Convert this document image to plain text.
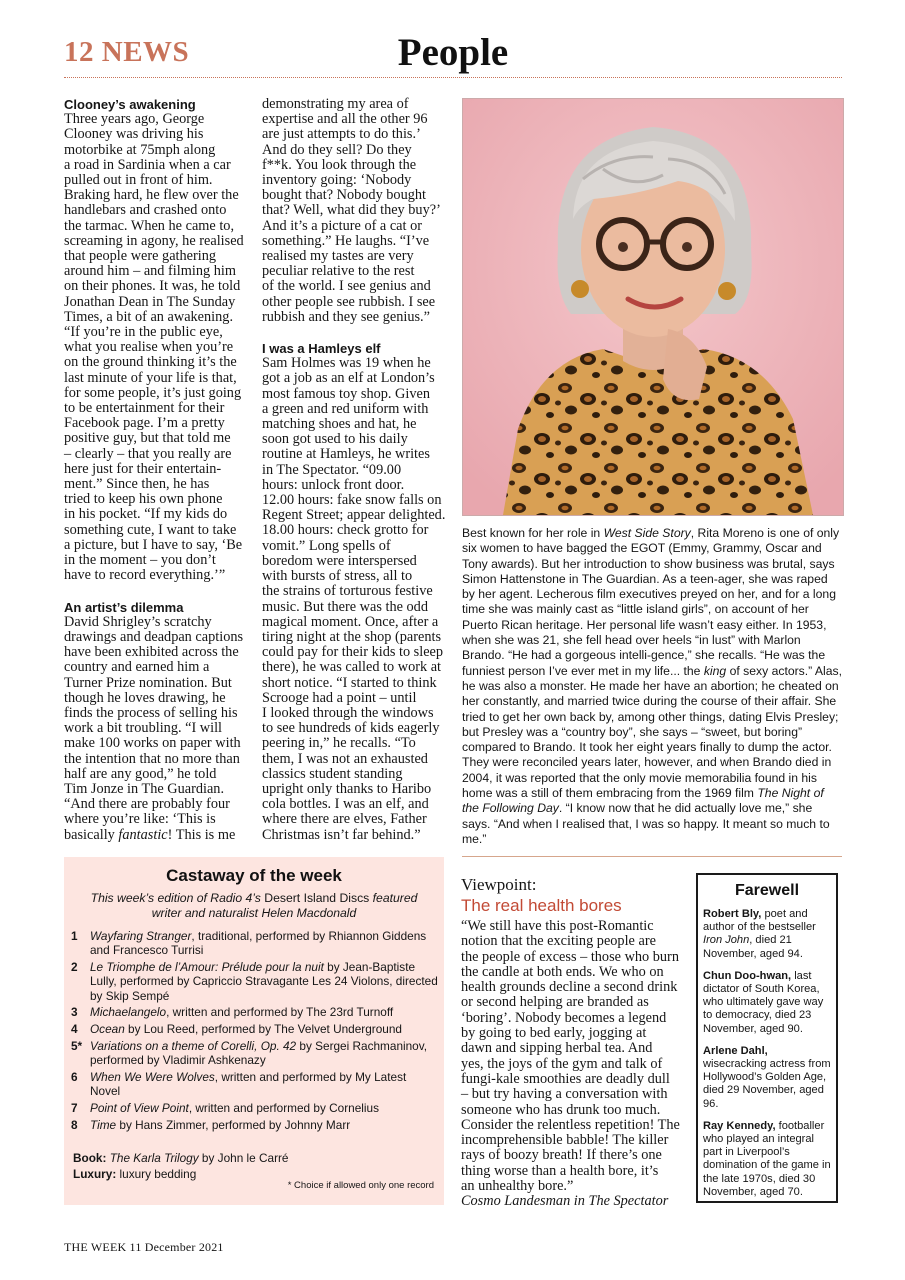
12 NEWS	People
Clooney’s awakening
Three years ago, George
Clooney was driving his
motorbike at 75mph along
a road in Sardinia when a car
pulled out in front of him.
Braking hard, he flew over the
handlebars and crashed onto
the tarmac. When he came to,
screaming in agony, he realised
that people were gathering
around him – and filming him
on their phones. It was, he told
Jonathan Dean in The Sunday
Times, a bit of an awakening.
“If you’re in the public eye,
what you realise when you’re
on the ground thinking it’s the
last minute of your life is that,
for some people, it’s just going
to be entertainment for their
Facebook page. I’m a pretty
positive guy, but that told me
– clearly – that you really are
here just for their entertain-
ment.” Since then, he has
tried to keep his own phone
in his pocket. “If my kids do
something cute, I want to take
a picture, but I have to say, ‘Be
in the moment – you don’t
have to record everything.’”
An artist’s dilemma
David Shrigley’s scratchy
drawings and deadpan captions
have been exhibited across the
country and earned him a
Turner Prize nomination. But
though he loves drawing, he
finds the process of selling his
work a bit troubling. “I will
make 100 works on paper with
the intention that no more than
half are any good,” he told
Tim Jonze in The Guardian.
“And there are probably four
where you’re like: ‘This is
basically fantastic! This is me
demonstrating my area of
expertise and all the other 96
are just attempts to do this.’
And do they sell? Do they
f**k. You look through the
inventory going: ‘Nobody
bought that? Nobody bought
that? Well, what did they buy?’
And it’s a picture of a cat or
something.” He laughs. “I’ve
realised my tastes are very
peculiar relative to the rest
of the world. I see genius and
other people see rubbish. I see
rubbish and they see genius.”
I was a Hamleys elf
Sam Holmes was 19 when he
got a job as an elf at London’s
most famous toy shop. Given
a green and red uniform with
matching shoes and hat, he
soon got used to his daily
routine at Hamleys, he writes
in The Spectator. “09.00
hours: unlock front door.
12.00 hours: fake snow falls on
Regent Street; appear delighted.
18.00 hours: check grotto for
vomit.” Long spells of
boredom were interspersed
with bursts of stress, all to
the strains of torturous festive
music. But there was the odd
magical moment. Once, after a
tiring night at the shop (parents
could pay for their kids to sleep
there), he was called to work at
short notice. “I started to think
Scrooge had a point – until
I looked through the windows
to see hundreds of kids eagerly
peering in,” he recalls. “To
them, I was not an exhausted
classics student standing
upright only thanks to Haribo
cola bottles. I was an elf, and
where there are elves, Father
Christmas isn’t far behind.”
Best known for her role in West Side Story, Rita Moreno is one of only six women to have bagged the EGOT (Emmy, Grammy, Oscar and Tony awards). But her introduction to show business was brutal, says Simon Hattenstone in The Guardian. As a teen-ager, she was raped by her agent. Lecherous film executives preyed on her, and for a long time she was mainly cast as “little island girls”, on account of her Puerto Rican heritage. Her personal life wasn’t easy either. In 1953, when she was 21, she fell head over heels “in lust” with Marlon Brando. “He had a gorgeous intelli-gence,” she recalls. “He was the funniest person I’ve ever met in my life... the king of sexy actors.” Alas, he was also a monster. He made her have an abortion; he cheated on her constantly, and married twice during the course of their affair. She tried to get her own back by, among other things, dating Elvis Presley; but Presley was a “country boy”, she says – “sweet, but boring” compared to Brando. It took her eight years finally to dump the actor. They were reconciled years later, however, and when Brando died in 2004, it was reported that the only movie memorabilia found in his home was a still of them embracing from the 1969 film The Night of the Following Day. “I know now that he did actually love me,” she says. “And when I realised that, I was so happy. It meant so much to me.”
Castaway of the week
This week’s edition of Radio 4’s Desert Island Discs featured writer and naturalist Helen Macdonald
1 Wayfaring Stranger, traditional, performed by Rhiannon Giddens and Francesco Turrisi
2 Le Triomphe de l’Amour: Prélude pour la nuit by Jean-Baptiste Lully, performed by Capriccio Stravagante Les 24 Violons, directed by Skip Sempé
3 Michaelangelo, written and performed by The 23rd Turnoff
4 Ocean by Lou Reed, performed by The Velvet Underground
5* Variations on a theme of Corelli, Op. 42 by Sergei Rachmaninov, performed by Vladimir Ashkenazy
6 When We Were Wolves, written and performed by My Latest Novel
7 Point of View Point, written and performed by Cornelius
8 Time by Hans Zimmer, performed by Johnny Marr
Book: The Karla Trilogy by John le Carré
Luxury: luxury bedding
* Choice if allowed only one record
Viewpoint:
The real health bores
“We still have this post-Romantic
notion that the exciting people are
the people of excess – those who burn
the candle at both ends. We who on
health grounds decline a second drink
or second helping are branded as
‘boring’. Nobody becomes a legend
by going to bed early, jogging at
dawn and sipping herbal tea. And
yes, the joys of the gym and talk of
fungi-kale smoothies are deadly dull
– but try having a conversation with
someone who has drunk too much.
Consider the relentless repetition! The
incomprehensible babble! The killer
rays of boozy breath! If there’s one
thing worse than a health bore, it’s
an unhealthy bore.”
Cosmo Landesman in The Spectator
Farewell
Robert Bly, poet and author of the bestseller Iron John, died 21 November, aged 94.
Chun Doo-hwan, last dictator of South Korea, who ultimately gave way to democracy, died 23 November, aged 90.
Arlene Dahl, wisecracking actress from Hollywood’s Golden Age, died 29 November, aged 96.
Ray Kennedy, footballer who played an integral part in Liverpool’s domination of the game in the late 1970s, died 30 November, aged 70.
THE WEEK 11 December 2021
